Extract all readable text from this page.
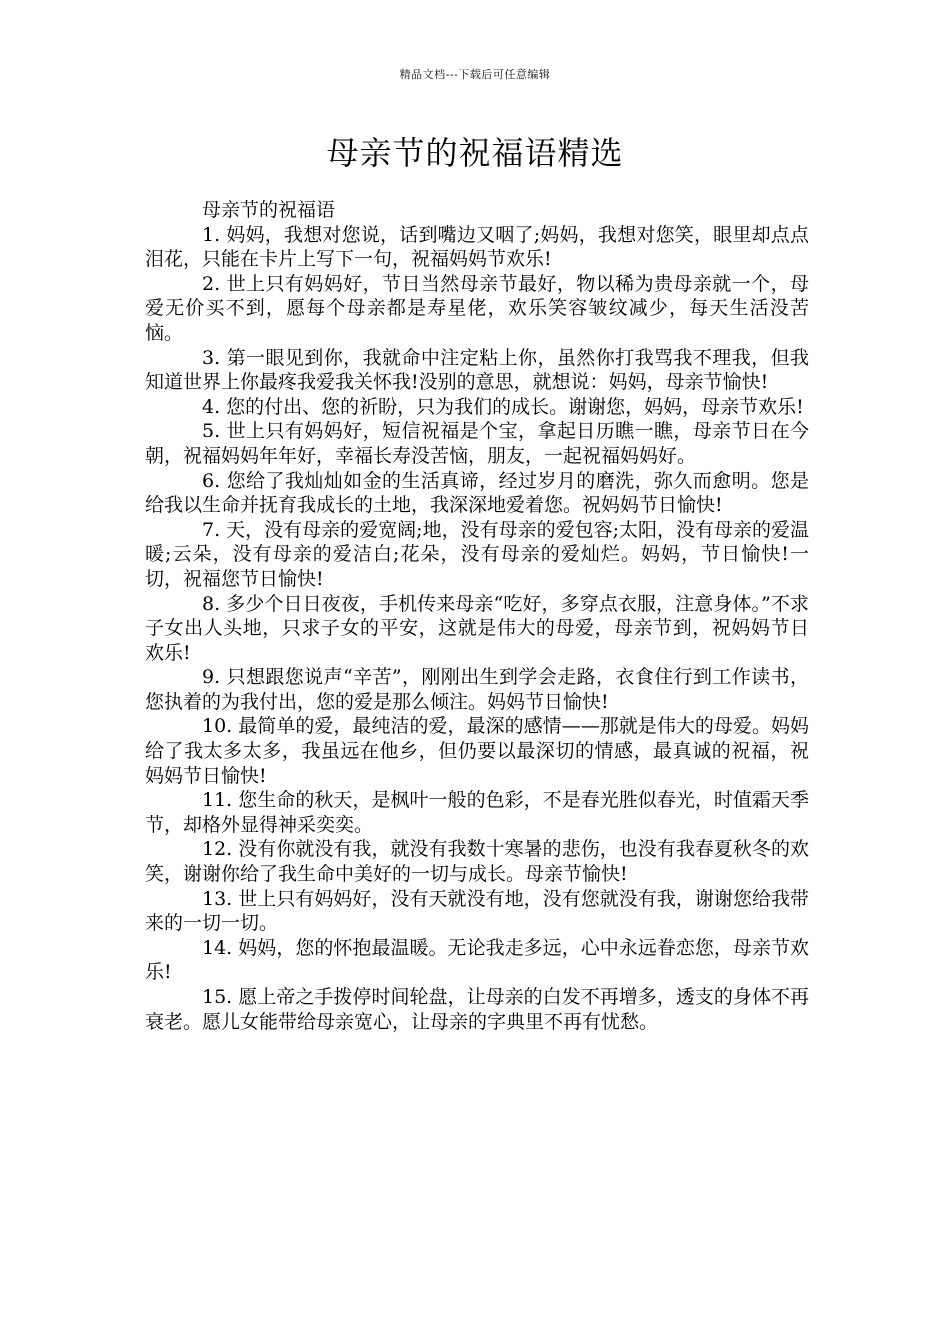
精品文档---下载后可任意编辑
母亲节的祝福语精选

母亲节的祝福语

1. 妈妈，我想对您说，话到嘴边又咽了;妈妈，我想对您笑，眼里却点点泪花，只能在卡片上写下一句，祝福妈妈节欢乐!

2. 世上只有妈妈好，节日当然母亲节最好，物以稀为贵母亲就一个，母爱无价买不到，愿每个母亲都是寿星佬，欢乐笑容皱纹减少，每天生活没苦恼。

3. 第一眼见到你，我就命中注定粘上你，虽然你打我骂我不理我，但我知道世界上你最疼我爱我关怀我!没别的意思，就想说：妈妈，母亲节愉快!

4. 您的付出、您的祈盼，只为我们的成长。谢谢您，妈妈，母亲节欢乐!

5. 世上只有妈妈好，短信祝福是个宝，拿起日历瞧一瞧，母亲节日在今朝，祝福妈妈年年好，幸福长寿没苦恼，朋友，一起祝福妈妈好。

6. 您给了我灿灿如金的生活真谛，经过岁月的磨洗，弥久而愈明。您是给我以生命并抚育我成长的土地，我深深地爱着您。祝妈妈节日愉快!

7. 天，没有母亲的爱宽阔;地，没有母亲的爱包容;太阳，没有母亲的爱温暖;云朵，没有母亲的爱洁白;花朵，没有母亲的爱灿烂。妈妈，节日愉快!一切，祝福您节日愉快!

8. 多少个日日夜夜，手机传来母亲“吃好，多穿点衣服，注意身体。”不求子女出人头地，只求子女的平安，这就是伟大的母爱，母亲节到，祝妈妈节日欢乐!

9. 只想跟您说声“辛苦”，刚刚出生到学会走路，衣食住行到工作读书，您执着的为我付出，您的爱是那么倾注。妈妈节日愉快!

10. 最简单的爱，最纯洁的爱，最深的感情——那就是伟大的母爱。妈妈给了我太多太多，我虽远在他乡，但仍要以最深切的情感，最真诚的祝福，祝妈妈节日愉快!

11. 您生命的秋天，是枫叶一般的色彩，不是春光胜似春光，时值霜天季节，却格外显得神采奕奕。

12. 没有你就没有我，就没有我数十寒暑的悲伤，也没有我春夏秋冬的欢笑，谢谢你给了我生命中美好的一切与成长。母亲节愉快!

13. 世上只有妈妈好，没有天就没有地，没有您就没有我，谢谢您给我带来的一切一切。

14. 妈妈，您的怀抱最温暖。无论我走多远，心中永远眷恋您，母亲节欢乐!

15. 愿上帝之手拨停时间轮盘，让母亲的白发不再增多，透支的身体不再衰老。愿儿女能带给母亲宽心，让母亲的字典里不再有忧愁。
